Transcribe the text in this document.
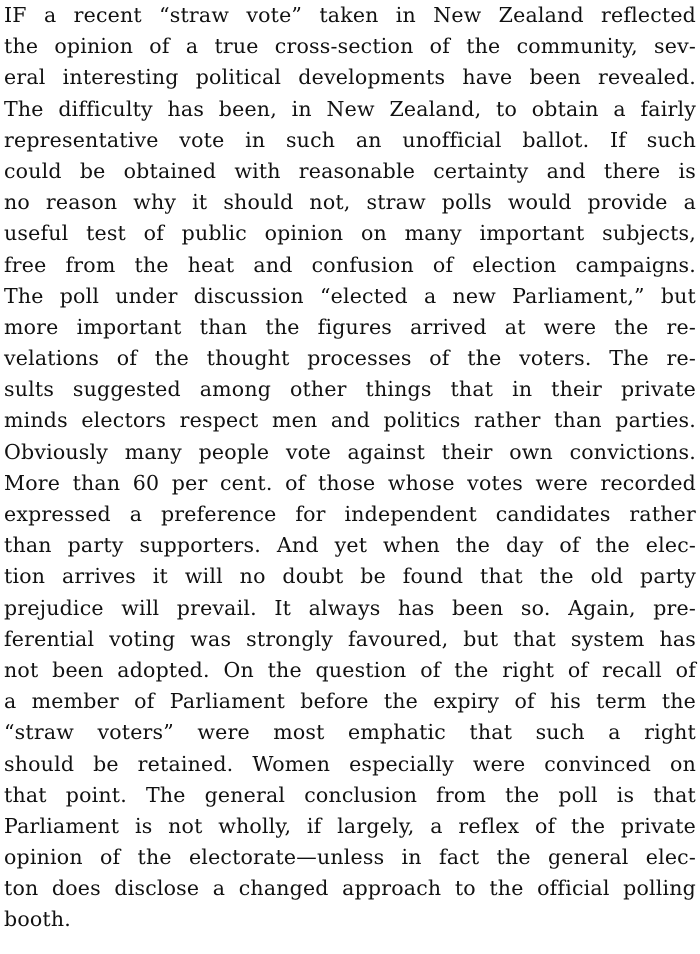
IF a recent “straw vote” taken in New Zealand reflected
the opinion of a true cross-section of the community, sev-
eral interesting political developments have been revealed.
The difficulty has been, in New Zealand, to obtain a fairly
representative vote in such an unofficial ballot. If such
could be obtained with reasonable certainty and there is
no reason why it should not, straw polls would provide a
useful test of public opinion on many important subjects,
free from the heat and confusion of election campaigns.
The poll under discussion “elected a new Parliament,” but
more important than the figures arrived at were the re-
velations of the thought processes of the voters. The re-
sults suggested among other things that in their private
minds electors respect men and politics rather than parties.
Obviously many people vote against their own convictions.
More than 60 per cent. of those whose votes were recorded
expressed a preference for independent candidates rather
than party supporters. And yet when the day of the elec-
tion arrives it will no doubt be found that the old party
prejudice will prevail. It always has been so. Again, pre-
ferential voting was strongly favoured, but that system has
not been adopted. On the question of the right of recall of
a member of Parliament before the expiry of his term the
“straw voters” were most emphatic that such a right
should be retained. Women especially were convinced on
that point. The general conclusion from the poll is that
Parliament is not wholly, if largely, a reflex of the private
opinion of the electorate—unless in fact the general elec-
ton does disclose a changed approach to the official polling
booth.
